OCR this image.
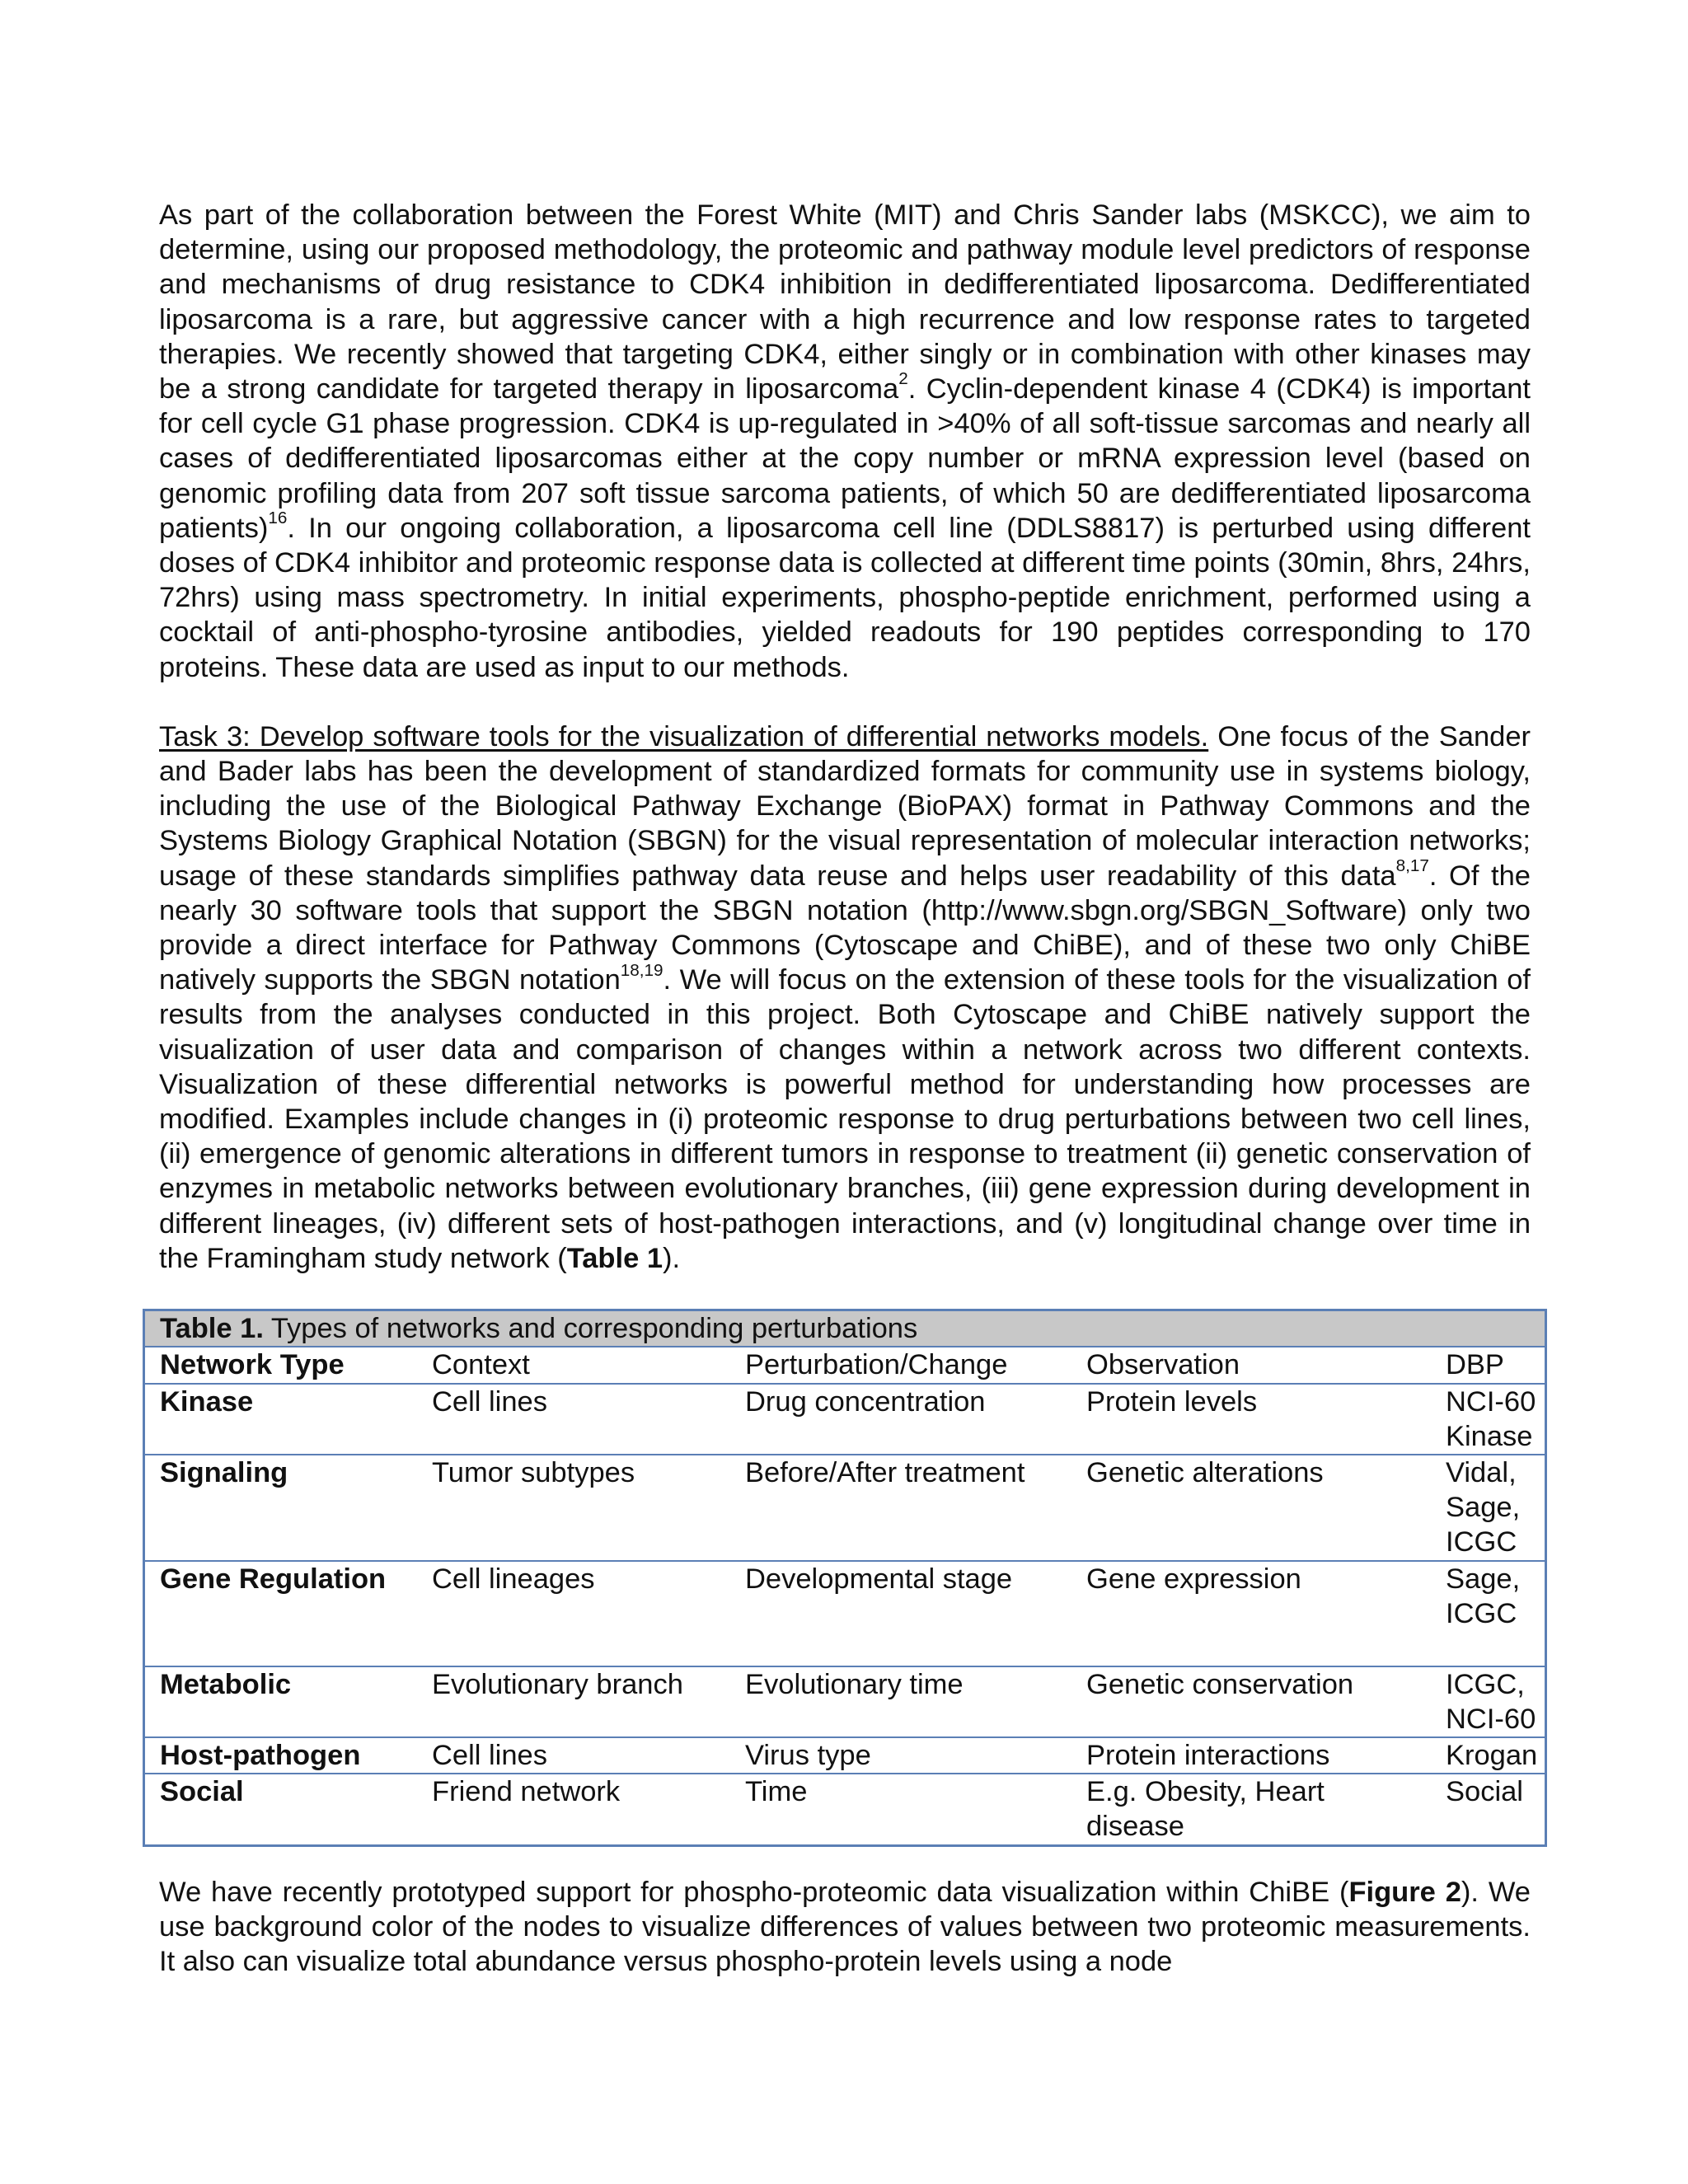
As part of the collaboration between the Forest White (MIT) and Chris Sander labs (MSKCC), we aim to determine, using our proposed methodology, the proteomic and pathway module level predictors of response and mechanisms of drug resistance to CDK4 inhibition in dedifferentiated liposarcoma. Dedifferentiated liposarcoma is a rare, but aggressive cancer with a high recurrence and low response rates to targeted therapies. We recently showed that targeting CDK4, either singly or in combination with other kinases may be a strong candidate for targeted therapy in liposarcoma$^2$. Cyclin-dependent kinase 4 (CDK4) is important for cell cycle G1 phase progression. CDK4 is up-regulated in >40% of all soft-tissue sarcomas and nearly all cases of dedifferentiated liposarcomas either at the copy number or mRNA expression level (based on genomic profiling data from 207 soft tissue sarcoma patients, of which 50 are dedifferentiated liposarcoma patients)$^{16}$. In our ongoing collaboration, a liposarcoma cell line (DDLS8817) is perturbed using different doses of CDK4 inhibitor and proteomic response data is collected at different time points (30min, 8hrs, 24hrs, 72hrs) using mass spectrometry. In initial experiments, phospho-peptide enrichment, performed using a cocktail of anti-phospho-tyrosine antibodies, yielded readouts for 190 peptides corresponding to 170 proteins. These data are used as input to our methods.

Task 3: Develop software tools for the visualization of differential networks models. One focus of the Sander and Bader labs has been the development of standardized formats for community use in systems biology, including the use of the Biological Pathway Exchange (BioPAX) format in Pathway Commons and the Systems Biology Graphical Notation (SBGN) for the visual representation of molecular interaction networks; usage of these standards simplifies pathway data reuse and helps user readability of this data$^{8,17}$. Of the nearly 30 software tools that support the SBGN notation (http://www.sbgn.org/SBGN_Software) only two provide a direct interface for Pathway Commons (Cytoscape and ChiBE), and of these two only ChiBE natively supports the SBGN notation$^{18,19}$. We will focus on the extension of these tools for the visualization of results from the analyses conducted in this project. Both Cytoscape and ChiBE natively support the visualization of user data and comparison of changes within a network across two different contexts. Visualization of these differential networks is powerful method for understanding how processes are modified. Examples include changes in (i) proteomic response to drug perturbations between two cell lines, (ii) emergence of genomic alterations in different tumors in response to treatment (ii) genetic conservation of enzymes in metabolic networks between evolutionary branches, (iii) gene expression during development in different lineages, (iv) different sets of host-pathogen interactions, and (v) longitudinal change over time in the Framingham study network (Table 1).

Table 1. Types of networks and corresponding perturbations				
Network Type	Context	Perturbation/Change	Observation	DBP
Kinase	Cell lines	Drug concentration	Protein levels	NCI-60 Kinase
Signaling	Tumor subtypes	Before/After treatment	Genetic alterations	Vidal, Sage, ICGC
Gene Regulation	Cell lineages	Developmental stage	Gene expression	Sage, ICGC
Metabolic	Evolutionary branch	Evolutionary time	Genetic conservation	ICGC, NCI-60
Host-pathogen	Cell lines	Virus type	Protein interactions	Krogan
Social	Friend network	Time	E.g. Obesity, Heart disease	Social

We have recently prototyped support for phospho-proteomic data visualization within ChiBE (Figure 2). We use background color of the nodes to visualize differences of values between two proteomic measurements. It also can visualize total abundance versus phospho-protein levels using a node
